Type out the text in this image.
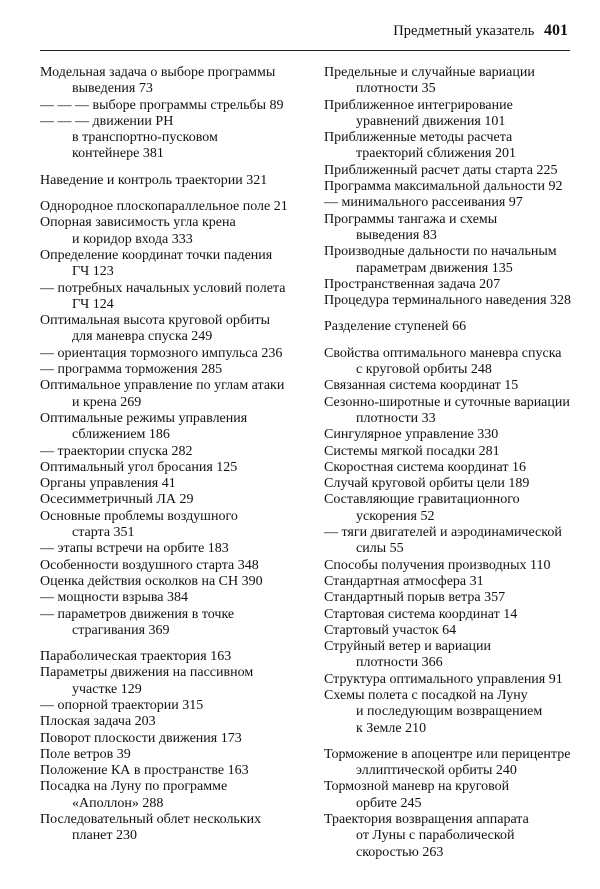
Предметный указатель 401
Модельная задача о выборе программы
выведения 73
— — — выборе программы стрельбы 89
— — — движении РН
в транспортно-пусковом
контейнере 381
Наведение и контроль траектории 321
Однородное плоскопараллельное поле 21
Опорная зависимость угла крена
и коридор входа 333
Определение координат точки падения
ГЧ 123
— потребных начальных условий полета
ГЧ 124
Оптимальная высота круговой орбиты
для маневра спуска 249
— ориентация тормозного импульса 236
— программа торможения 285
Оптимальное управление по углам атаки
и крена 269
Оптимальные режимы управления
сближением 186
— траектории спуска 282
Оптимальный угол бросания 125
Органы управления 41
Осесимметричный ЛА 29
Основные проблемы воздушного
старта 351
— этапы встречи на орбите 183
Особенности воздушного старта 348
Оценка действия осколков на СН 390
— мощности взрыва 384
— параметров движения в точке
страгивания 369
Параболическая траектория 163
Параметры движения на пассивном
участке 129
— опорной траектории 315
Плоская задача 203
Поворот плоскости движения 173
Поле ветров 39
Положение КА в пространстве 163
Посадка на Луну по программе
«Аполлон» 288
Последовательный облет нескольких
планет 230
Предельные и случайные вариации
плотности 35
Приближенное интегрирование
уравнений движения 101
Приближенные методы расчета
траекторий сближения 201
Приближенный расчет даты старта 225
Программа максимальной дальности 92
— минимального рассеивания 97
Программы тангажа и схемы
выведения 83
Производные дальности по начальным
параметрам движения 135
Пространственная задача 207
Процедура терминального наведения 328
Разделение ступеней 66
Свойства оптимального маневра спуска
с круговой орбиты 248
Связанная система координат 15
Сезонно-широтные и суточные вариации
плотности 33
Сингулярное управление 330
Системы мягкой посадки 281
Скоростная система координат 16
Случай круговой орбиты цели 189
Составляющие гравитационного
ускорения 52
— тяги двигателей и аэродинамической
силы 55
Способы получения производных 110
Стандартная атмосфера 31
Стандартный порыв ветра 357
Стартовая система координат 14
Стартовый участок 64
Струйный ветер и вариации
плотности 366
Структура оптимального управления 91
Схемы полета с посадкой на Луну
и последующим возвращением
к Земле 210
Торможение в апоцентре или перицентре
эллиптической орбиты 240
Тормозной маневр на круговой
орбите 245
Траектория возвращения аппарата
от Луны с параболической
скоростью 263
